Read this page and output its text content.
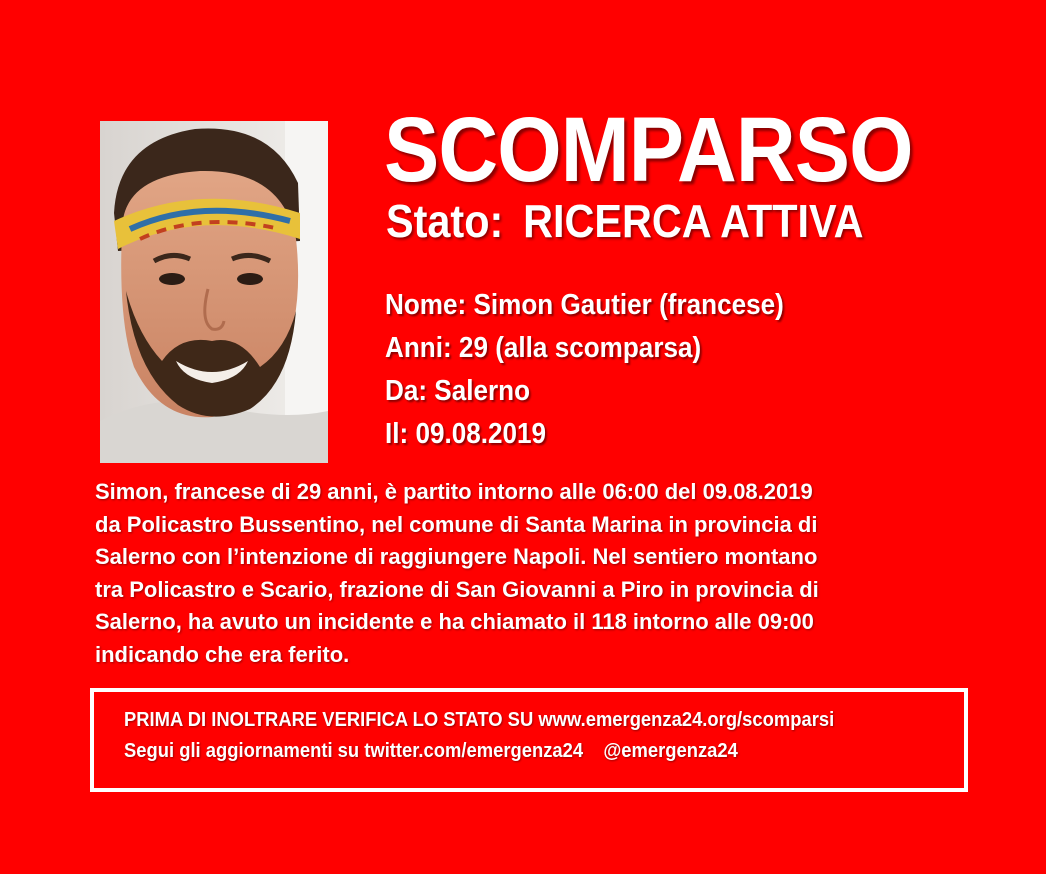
SCOMPARSO
Stato: RICERCA ATTIVA
Nome: Simon Gautier (francese)
Anni: 29 (alla scomparsa)
Da: Salerno
Il: 09.08.2019

Simon, francese di 29 anni, è partito intorno alle 06:00 del 09.08.2019
da Policastro Bussentino, nel comune di Santa Marina in provincia di
Salerno con l’intenzione di raggiungere Napoli. Nel sentiero montano
tra Policastro e Scario, frazione di San Giovanni a Piro in provincia di
Salerno, ha avuto un incidente e ha chiamato il 118 intorno alle 09:00
indicando che era ferito.

PRIMA DI INOLTRARE VERIFICA LO STATO SU www.emergenza24.org/scomparsi
Segui gli aggiornamenti su twitter.com/emergenza24 @emergenza24
